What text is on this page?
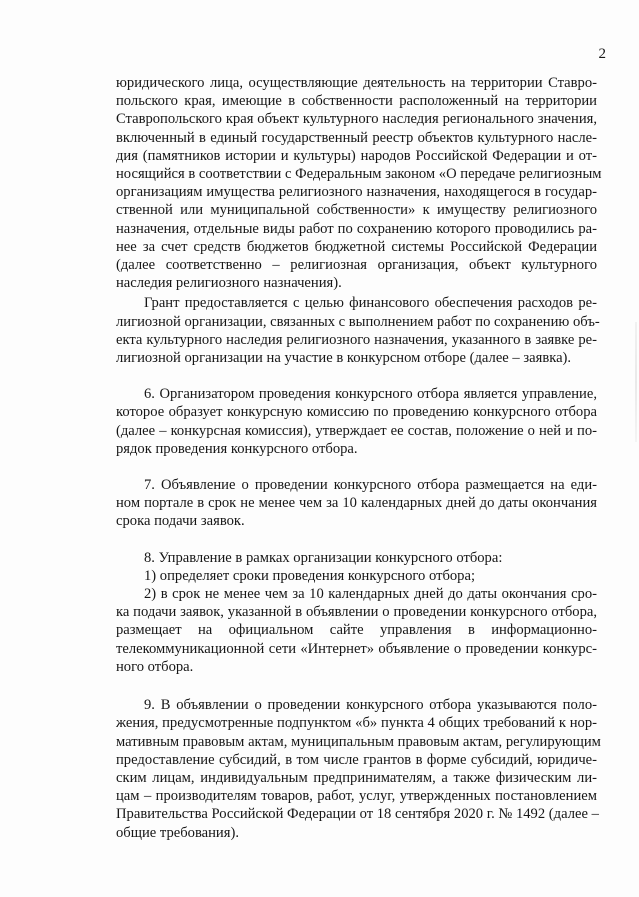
2

юридического лица, осуществляющие деятельность на территории Ставро-
польского края, имеющие в собственности расположенный на территории
Ставропольского края объект культурного наследия регионального значения,
включенный в единый государственный реестр объектов культурного насле-
дия (памятников истории и культуры) народов Российской Федерации и от-
носящийся в соответствии с Федеральным законом «О передаче религиозным
организациям имущества религиозного назначения, находящегося в государ-
ственной или муниципальной собственности» к имуществу религиозного
назначения, отдельные виды работ по сохранению которого проводились ра-
нее за счет средств бюджетов бюджетной системы Российской Федерации
(далее соответственно – религиозная организация, объект культурного
наследия религиозного назначения).

Грант предоставляется с целью финансового обеспечения расходов ре-
лигиозной организации, связанных с выполнением работ по сохранению объ-
екта культурного наследия религиозного назначения, указанного в заявке ре-
лигиозной организации на участие в конкурсном отборе (далее – заявка).

6. Организатором проведения конкурсного отбора является управление,
которое образует конкурсную комиссию по проведению конкурсного отбора
(далее – конкурсная комиссия), утверждает ее состав, положение о ней и по-
рядок проведения конкурсного отбора.

7. Объявление о проведении конкурсного отбора размещается на еди-
ном портале в срок не менее чем за 10 календарных дней до даты окончания
срока подачи заявок.

8. Управление в рамках организации конкурсного отбора:
1) определяет сроки проведения конкурсного отбора;
2) в срок не менее чем за 10 календарных дней до даты окончания сро-
ка подачи заявок, указанной в объявлении о проведении конкурсного отбора,
размещает на официальном сайте управления в информационно-
телекоммуникационной сети «Интернет» объявление о проведении конкурс-
ного отбора.

9. В объявлении о проведении конкурсного отбора указываются поло-
жения, предусмотренные подпунктом «б» пункта 4 общих требований к нор-
мативным правовым актам, муниципальным правовым актам, регулирующим
предоставление субсидий, в том числе грантов в форме субсидий, юридиче-
ским лицам, индивидуальным предпринимателям, а также физическим ли-
цам – производителям товаров, работ, услуг, утвержденных постановлением
Правительства Российской Федерации от 18 сентября 2020 г. № 1492 (далее –
общие требования).
